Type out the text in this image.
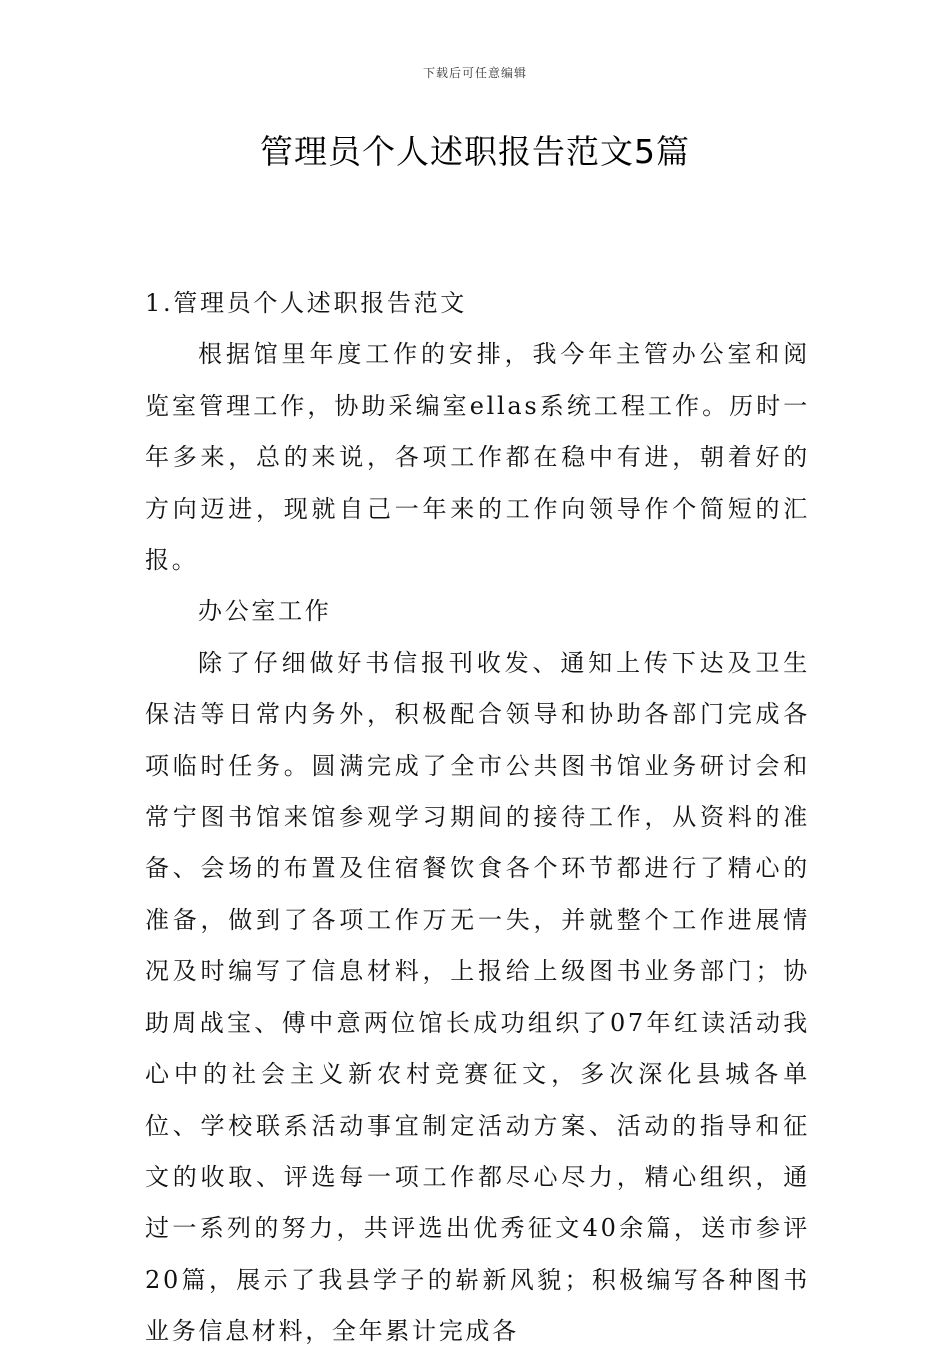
下载后可任意编辑
管理员个人述职报告范文5篇

1.管理员个人述职报告范文

根据馆里年度工作的安排，我今年主管办公室和阅览室管理工作，协助采编室ellas系统工程工作。历时一年多来，总的来说，各项工作都在稳中有进，朝着好的方向迈进，现就自己一年来的工作向领导作个简短的汇报。

办公室工作

除了仔细做好书信报刊收发、通知上传下达及卫生保洁等日常内务外，积极配合领导和协助各部门完成各项临时任务。圆满完成了全市公共图书馆业务研讨会和常宁图书馆来馆参观学习期间的接待工作，从资料的准备、会场的布置及住宿餐饮食各个环节都进行了精心的准备，做到了各项工作万无一失，并就整个工作进展情况及时编写了信息材料，上报给上级图书业务部门；协助周战宝、傅中意两位馆长成功组织了07年红读活动我心中的社会主义新农村竞赛征文，多次深化县城各单位、学校联系活动事宜制定活动方案、活动的指导和征文的收取、评选每一项工作都尽心尽力，精心组织，通过一系列的努力，共评选出优秀征文40余篇，送市参评20篇，展示了我县学子的崭新风貌；积极编写各种图书业务信息材料，全年累计完成各
